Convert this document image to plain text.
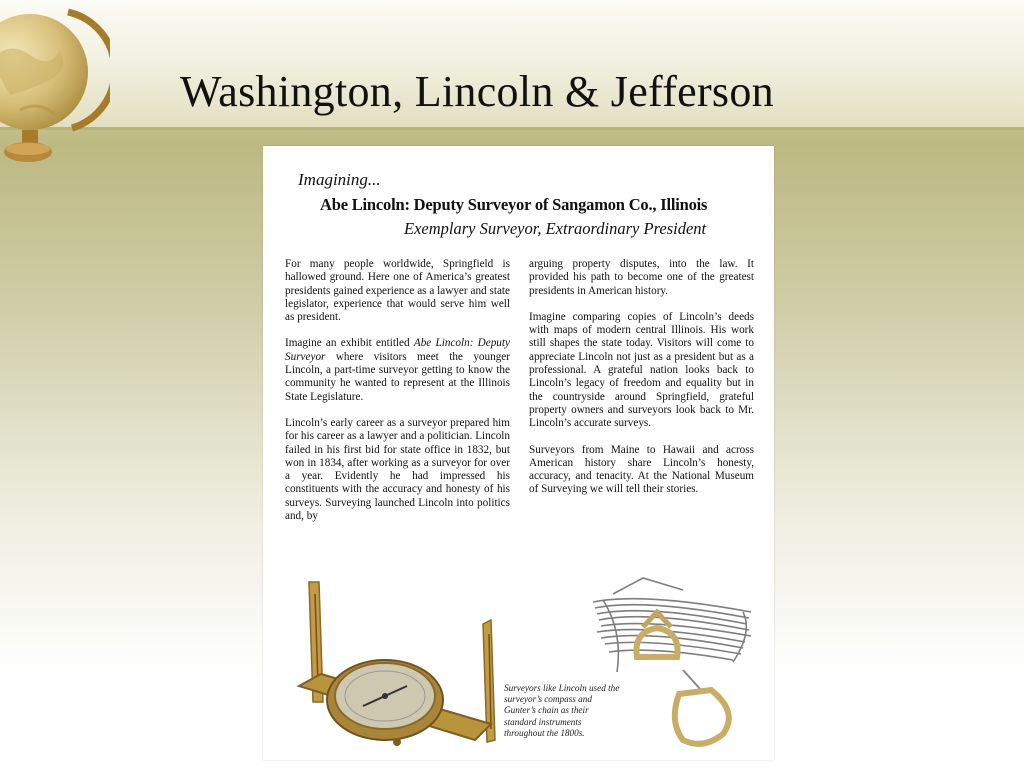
Washington, Lincoln & Jefferson
Imagining...
Abe Lincoln: Deputy Surveyor of Sangamon Co., Illinois
Exemplary Surveyor, Extraordinary President

For many people worldwide, Springfield is hallowed ground. Here one of America’s greatest presidents gained experience as a lawyer and state legislator, experience that would serve him well as president.

Imagine an exhibit entitled Abe Lincoln: Deputy Surveyor where visitors meet the younger Lincoln, a part-time surveyor getting to know the community he wanted to represent at the Illinois State Legislature.

Lincoln’s early career as a surveyor prepared him for his career as a lawyer and a politician. Lincoln failed in his first bid for state office in 1832, but won in 1834, after working as a surveyor for over a year. Evidently he had impressed his constituents with the accuracy and honesty of his surveys. Surveying launched Lincoln into politics and, by

arguing property disputes, into the law. It provided his path to become one of the greatest presidents in American history.

Imagine comparing copies of Lincoln’s deeds with maps of modern central Illinois. His work still shapes the state today. Visitors will come to appreciate Lincoln not just as a president but as a professional. A grateful nation looks back to Lincoln’s legacy of freedom and equality but in the countryside around Springfield, grateful property owners and surveyors look back to Mr. Lincoln’s accurate surveys.

Surveyors from Maine to Hawaii and across American history share Lincoln’s honesty, accuracy, and tenacity. At the National Museum of Surveying we will tell their stories.

Surveyors like Lincoln used the surveyor’s compass and Gunter’s chain as their standard instruments throughout the 1800s.
